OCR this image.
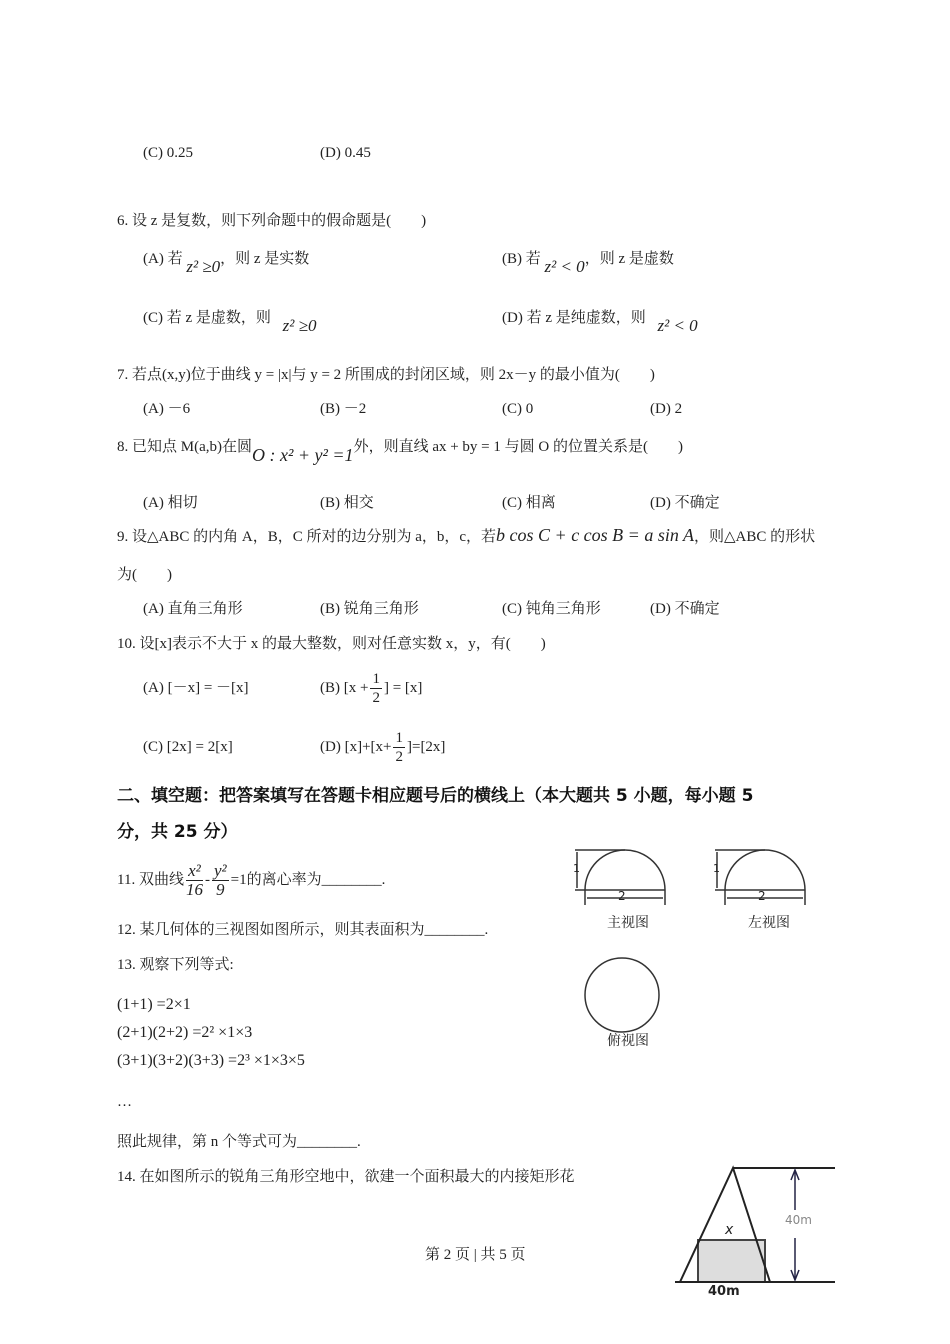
(C) 0.25	(D) 0.45
6. 设 z 是复数，则下列命题中的假命题是(　　)
(A) 若 z² ≥0，则 z 是实数	(B) 若 z² < 0，则 z 是虚数
(C) 若 z 是虚数，则 z² ≥0	(D) 若 z 是纯虚数，则 z² < 0
7. 若点(x,y)位于曲线 y = |x|与 y = 2 所围成的封闭区域，则 2x－y 的最小值为(　　)
(A) －6	(B) －2	(C) 0	(D) 2
8. 已知点 M(a,b)在圆O : x² + y² =1外，则直线 ax + by = 1 与圆 O 的位置关系是(　　)
(A) 相切	(B) 相交	(C) 相离	(D) 不确定
9. 设△ABC 的内角 A，B，C 所对的边分别为 a，b，c，若b cos C + c cos B = a sin A，则△ABC 的形状
为(　　)
(A) 直角三角形	(B) 锐角三角形	(C) 钝角三角形	(D) 不确定
10. 设[x]表示不大于 x 的最大整数，则对任意实数 x，y，有(　　)
(A) [－x] = －[x]	(B) [$x + \frac{1}{2}$ ] = [x]
(C) [2x] = 2[x]	(D) $[x]+[x+ \frac{1}{2} ]=[2x]$
二、填空题：把答案填写在答题卡相应题号后的横线上（本大题共 5 小题，每小题 5
分，共 25 分）
11. 双曲线 $\frac{\text{x²}}{16} - \frac{\text{y²}}{9} =1$的离心率为________.
12. 某几何体的三视图如图所示，则其表面积为________.
13. 观察下列等式:
(1+1) =2×1
(2+1)(2+2) =2² ×1×3
(3+1)(3+2)(3+3) =2³ ×1×3×5
…
照此规律，第 n 个等式可为________.
14. 在如图所示的锐角三角形空地中，欲建一个面积最大的内接矩形花
1
2
1
2
主视图	左视图
俯视图
x
40m
40m
第 2 页 | 共 5 页
